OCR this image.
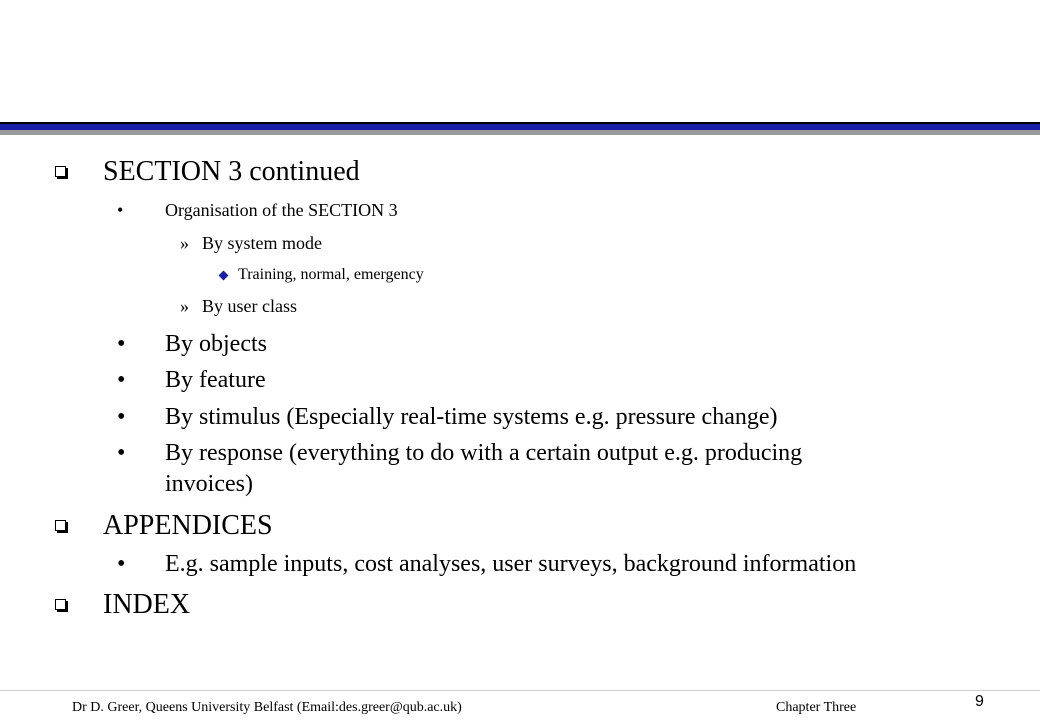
SECTION 3 continued
• Organisation of the SECTION 3
» By system mode
Training, normal, emergency
» By user class
• By objects
• By feature
• By stimulus (Especially real-time systems e.g. pressure change)
• By response (everything to do with a certain output e.g. producing
invoices)
APPENDICES
• E.g. sample inputs, cost analyses, user surveys, background information
INDEX
Dr D. Greer, Queens University Belfast (Email:des.greer@qub.ac.uk)	Chapter Three	9
